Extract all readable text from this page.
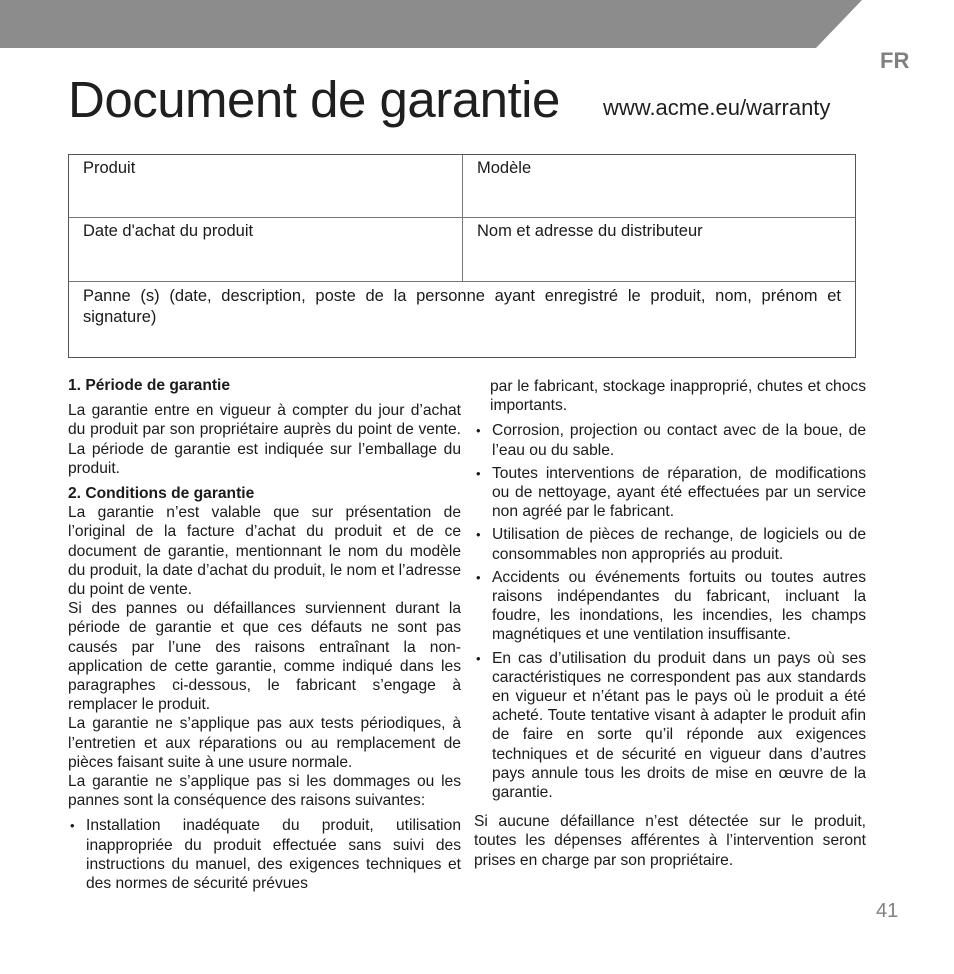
FR
Document de garantie www.acme.eu/warranty
Produit	Modèle
Date d'achat du produit	Nom et adresse du distributeur
Panne (s) (date, description, poste de la personne ayant enregistré le produit, nom, prénom et signature)
1. Période de garantie

La garantie entre en vigueur à compter du jour d’achat du produit par son propriétaire auprès du point de vente. La période de garantie est indiquée sur l’emballage du produit.

2. Conditions de garantie

La garantie n’est valable que sur présentation de l’original de la facture d’achat du produit et de ce document de garantie, mentionnant le nom du modèle du produit, la date d’achat du produit, le nom et l’adresse du point de vente.

Si des pannes ou défaillances surviennent durant la période de garantie et que ces défauts ne sont pas causés par l’une des raisons entraînant la non-application de cette garantie, comme indiqué dans les paragraphes ci-dessous, le fabricant s’engage à remplacer le produit.

La garantie ne s’applique pas aux tests périodiques, à l’entretien et aux réparations ou au remplacement de pièces faisant suite à une usure normale.

La garantie ne s’applique pas si les dommages ou les pannes sont la conséquence des raisons suivantes:

• Installation inadéquate du produit, utilisation inappropriée du produit effectuée sans suivi des instructions du manuel, des exigences techniques et des normes de sécurité prévues
par le fabricant, stockage inapproprié, chutes et chocs importants.
• Corrosion, projection ou contact avec de la boue, de l’eau ou du sable.
• Toutes interventions de réparation, de modifications ou de nettoyage, ayant été effectuées par un service non agréé par le fabricant.
• Utilisation de pièces de rechange, de logiciels ou de consommables non appropriés au produit.
• Accidents ou événements fortuits ou toutes autres raisons indépendantes du fabricant, incluant la foudre, les inondations, les incendies, les champs magnétiques et une ventilation insuffisante.
• En cas d’utilisation du produit dans un pays où ses caractéristiques ne correspondent pas aux standards en vigueur et n’étant pas le pays où le produit a été acheté. Toute tentative visant à adapter le produit afin de faire en sorte qu’il réponde aux exigences techniques et de sécurité en vigueur dans d’autres pays annule tous les droits de mise en œuvre de la garantie.

Si aucune défaillance n’est détectée sur le produit, toutes les dépenses afférentes à l’intervention seront prises en charge par son propriétaire.

41
